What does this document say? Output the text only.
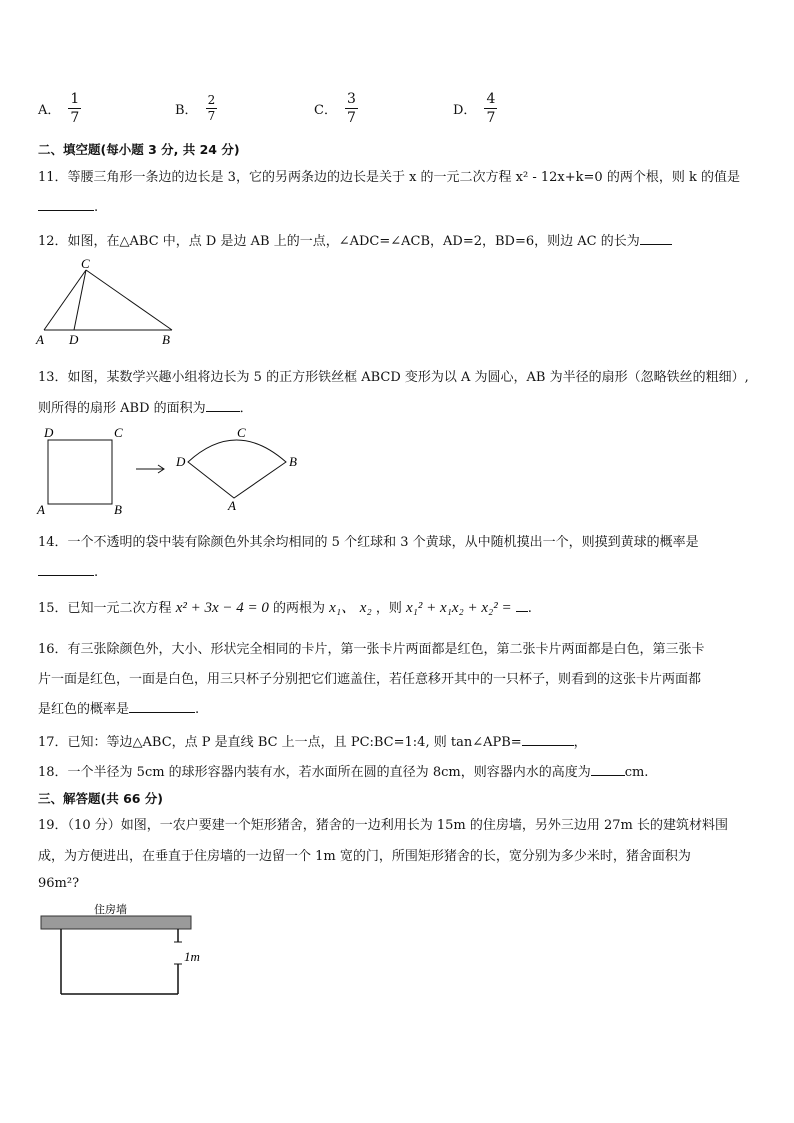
A． $\frac{1}{7}$	B． $\frac{2}{7}$	C． $\frac{3}{7}$	D． $\frac{4}{7}$
二、填空题(每小题 3 分, 共 24 分)
11．等腰三角形一条边的边长是 3，它的另两条边的边长是关于 x 的一元二次方程 x² - 12x+k=0 的两个根，则 k 的值是
.
12．如图，在△ABC 中，点 D 是边 AB 上的一点，∠ADC=∠ACB，AD=2，BD=6，则边 AC 的长为
C
A D	B
13．如图，某数学兴趣小组将边长为 5 的正方形铁丝框 ABCD 变形为以 A 为圆心，AB 为半径的扇形（忽略铁丝的粗细）,
则所得的扇形 ABD 的面积为	．
D	C
A	B
C
D	B
A
14．一个不透明的袋中装有除颜色外其余均相同的 5 个红球和 3 个黄球，从中随机摸出一个，则摸到黄球的概率是
.
15．已知一元二次方程 x² + 3x − 4 = 0 的两根为 x₁、 x₂ ，则 x₁² + x₁x₂ + x₂² = .
16．有三张除颜色外，大小、形状完全相同的卡片，第一张卡片两面都是红色，第二张卡片两面都是白色，第三张卡
片一面是红色，一面是白色，用三只杯子分别把它们遮盖住，若任意移开其中的一只杯子，则看到的这张卡片两面都
是红色的概率是	.
17．已知：等边△ABC，点 P 是直线 BC 上一点，且 PC:BC=1:4, 则 tan∠APB=	，
18．一个半径为 5cm 的球形容器内装有水，若水面所在圆的直径为 8cm，则容器内水的高度为	cm.
三、解答题(共 66 分)
19．（10 分）如图，一农户要建一个矩形猪舍，猪舍的一边利用长为 15m 的住房墙，另外三边用 27m 长的建筑材料围
成，为方便进出，在垂直于住房墙的一边留一个 1m 宽的门，所围矩形猪舍的长，宽分别为多少米时，猪舍面积为
96m²?
住房墙
1m
